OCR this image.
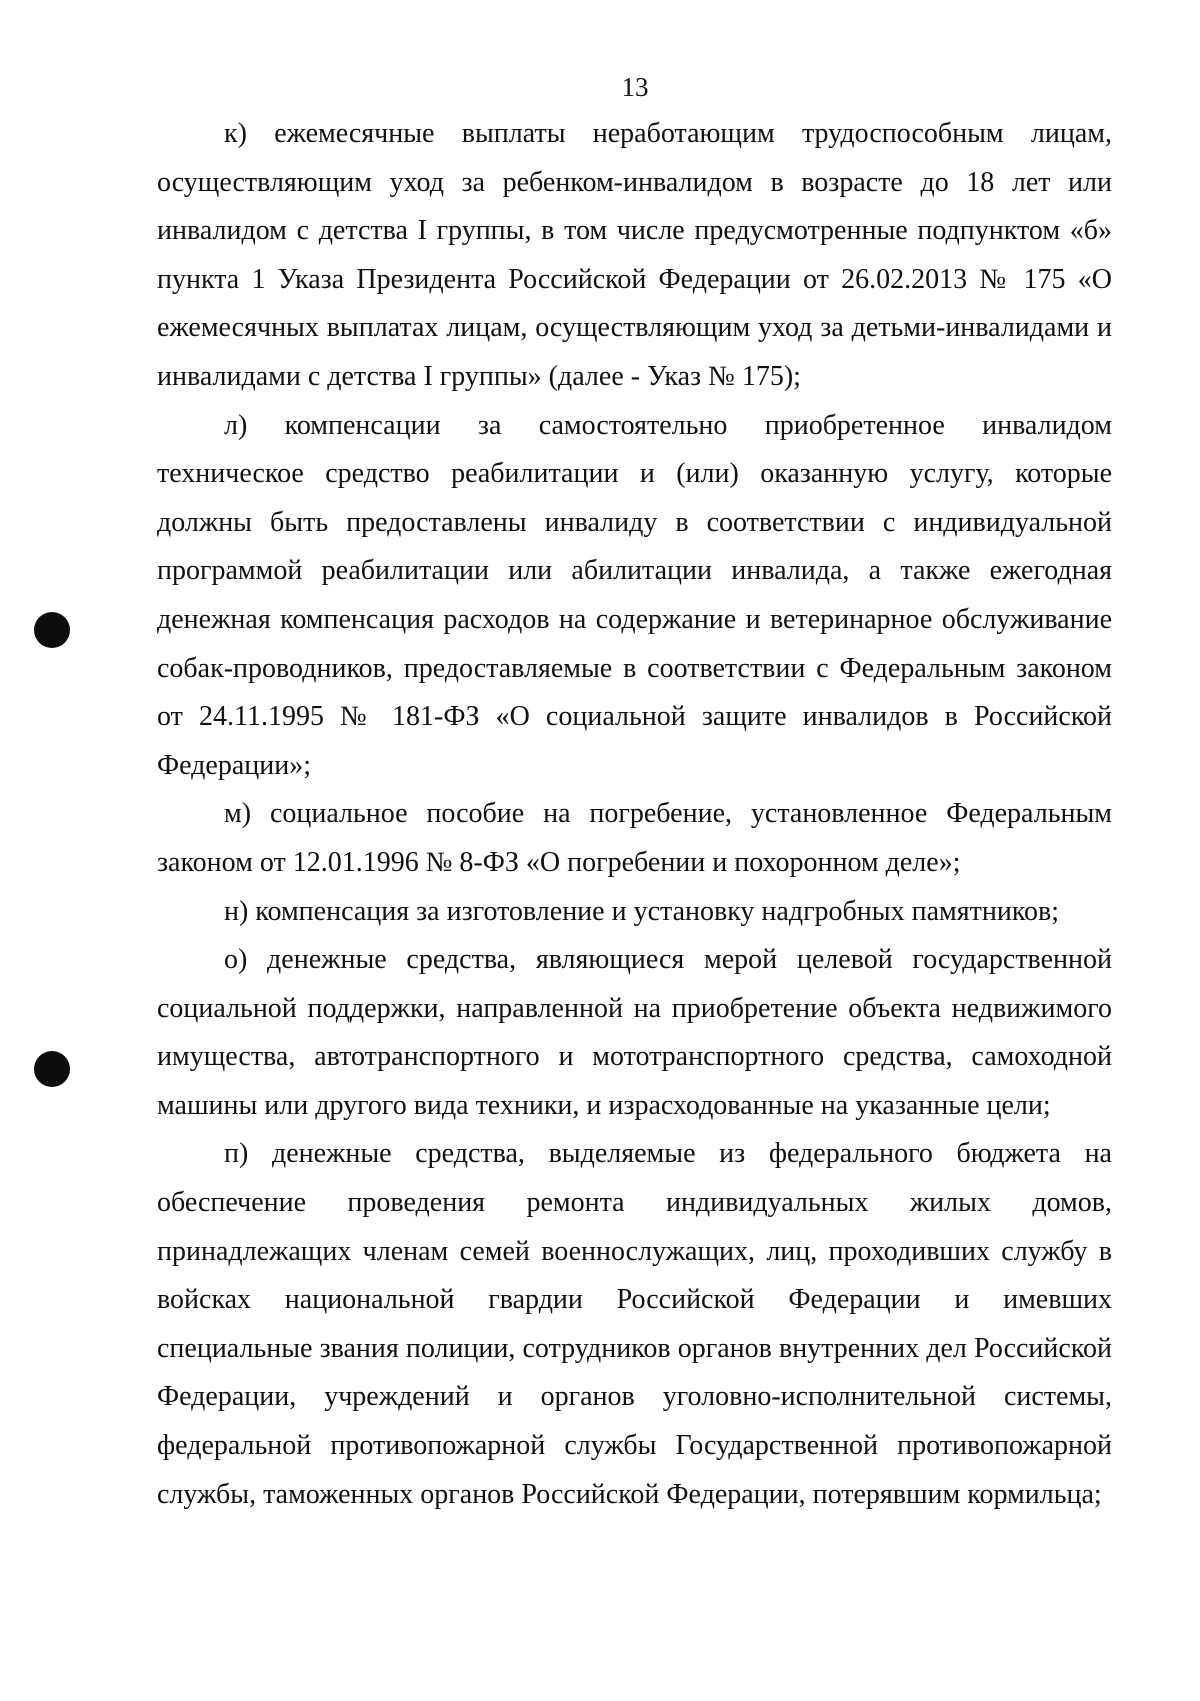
13

к) ежемесячные выплаты неработающим трудоспособным лицам, осуществляющим уход за ребенком-инвалидом в возрасте до 18 лет или инвалидом с детства I группы, в том числе предусмотренные подпунктом «б» пункта 1 Указа Президента Российской Федерации от 26.02.2013 № 175 «О ежемесячных выплатах лицам, осуществляющим уход за детьми-инвалидами и инвалидами с детства I группы» (далее - Указ № 175);

л) компенсации за самостоятельно приобретенное инвалидом техническое средство реабилитации и (или) оказанную услугу, которые должны быть предоставлены инвалиду в соответствии с индивидуальной программой реабилитации или абилитации инвалида, а также ежегодная денежная компенсация расходов на содержание и ветеринарное обслуживание собак-проводников, предоставляемые в соответствии с Федеральным законом от 24.11.1995 № 181-ФЗ «О социальной защите инвалидов в Российской Федерации»;

м) социальное пособие на погребение, установленное Федеральным законом от 12.01.1996 № 8-ФЗ «О погребении и похоронном деле»;

н) компенсация за изготовление и установку надгробных памятников;

о) денежные средства, являющиеся мерой целевой государственной социальной поддержки, направленной на приобретение объекта недвижимого имущества, автотранспортного и мототранспортного средства, самоходной машины или другого вида техники, и израсходованные на указанные цели;

п) денежные средства, выделяемые из федерального бюджета на обеспечение проведения ремонта индивидуальных жилых домов, принадлежащих членам семей военнослужащих, лиц, проходивших службу в войсках национальной гвардии Российской Федерации и имевших специальные звания полиции, сотрудников органов внутренних дел Российской Федерации, учреждений и органов уголовно-исполнительной системы, федеральной противопожарной службы Государственной противопожарной службы, таможенных органов Российской Федерации, потерявшим кормильца;
